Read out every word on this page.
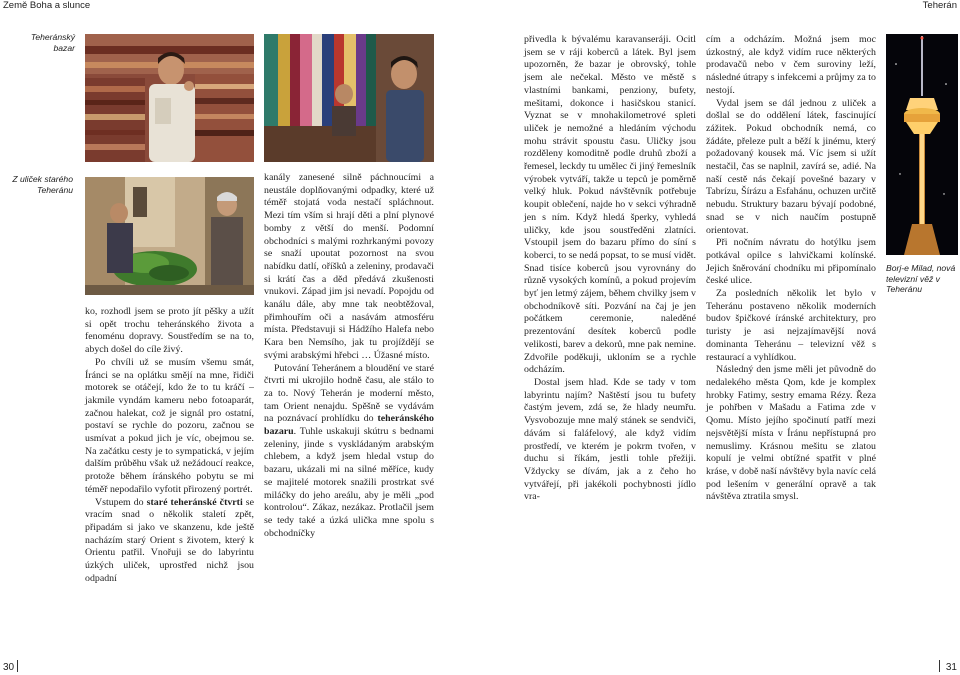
Země Boha a slunce	Teherán
Teheránský bazar
Z uliček starého Teheránu
Borj-e Milad, nová televizní věž v Teheránu

ko, rozhodl jsem se proto jít pěšky a užít si opět trochu teheránského života a fenoménu dopravy. Soustředím se na to, abych došel do cíle živý.

Po chvíli už se musím všemu smát, Íránci se na oplátku smějí na mne, řidiči motorek se otáčejí, kdo že to tu kráčí – jakmile vyndám kameru nebo fotoaparát, začnou halekat, což je signál pro ostatní, postaví se rychle do pozoru, začnou se usmívat a pokud jich je víc, obejmou se. Na začátku cesty je to sympatická, v jejím dalším průběhu však už nežádoucí reakce, protože během íránského pobytu se mi téměř nepodařilo vyfotit přirozený portrét.

Vstupem do staré teheránské čtvrti se vracím snad o několik staletí zpět, připadám si jako ve skanzenu, kde ještě nacházím starý Orient s životem, který k Orientu patřil. Vnořuji se do labyrintu úzkých uliček, uprostřed nichž jsou odpadní

kanály zanesené silně páchnoucími a neustále doplňovanými odpadky, které už téměř stojatá voda nestačí spláchnout. Mezi tím vším si hrají děti a plní plynové bomby z větší do menší. Podomní obchodníci s malými rozhrkanými povozy se snaží upoutat pozornost na svou nabídku datlí, oříšků a zeleniny, prodavači si krátí čas a děd předává zkušenosti vnukovi. Západ jim jsi nevadí. Popojdu od kanálu dále, aby mne tak neobtěžoval, přimhouřím oči a nasávám atmosféru místa. Představuji si Hádžího Halefa nebo Kara ben Nemsího, jak tu projíždějí se svými arabskými hřebci … Úžasné místo.

Putování Teheránem a bloudění ve staré čtvrti mi ukrojilo hodně času, ale stálo to za to. Nový Teherán je moderní město, tam Orient nenajdu. Spěšně se vydávám na poznávací prohlídku do teheránského bazaru. Tuhle uskakuji skútru s bednami zeleniny, jinde s vyskládaným arabským chlebem, a když jsem hledal vstup do bazaru, ukázali mi na silné měříce, kudy se majitelé motorek snažili prostrkat své miláčky do jeho areálu, aby je měli „pod kontrolou“. Zákaz, nezákaz. Protlačil jsem se tedy také a úzká ulička mne spolu s obchodníčky

přivedla k bývalému karavanseráji. Ocitl jsem se v ráji koberců a látek. Byl jsem upozorněn, že bazar je obrovský, tohle jsem ale nečekal. Město ve městě s vlastními bankami, penziony, bufety, mešitami, dokonce i hasičskou stanicí. Vyznat se v mnohakilometrové spleti uliček je nemožné a hledáním východu mohu strávit spoustu času. Uličky jsou rozděleny komoditně podle druhů zboží a řemesel, leckdy tu umělec či jiný řemeslník výrobek vytváří, takže u tepců je poměrně velký hluk. Pokud návštěvník potřebuje koupit oblečení, najde ho v sekci výhradně jen s ním. Když hledá šperky, vyhledá uličky, kde jsou soustředěni zlatníci. Vstoupil jsem do bazaru přímo do síní s koberci, to se nedá popsat, to se musí vidět. Snad tisíce koberců jsou vyrovnány do různě vysokých komínů, a pokud projevím byť jen letmý zájem, během chvilky jsem v obchodníkově síti. Pozvání na čaj je jen počátkem ceremonie, naleděné prezentování desítek koberců podle velikosti, barev a dekorů, mne pak nemine. Zdvořile poděkuji, ukloním se a rychle odcházím.

Dostal jsem hlad. Kde se tady v tom labyrintu najím? Naštěstí jsou tu bufety častým jevem, zdá se, že hlady neumřu. Vysvobozuje mne malý stánek se sendviči, dávám si faláfelový, ale když vidím prostředí, ve kterém je pokrm tvořen, v duchu si říkám, jestli tohle přežiji. Vždycky se dívám, jak a z čeho ho vytvářejí, při jakékoli pochybnosti jídlo vra-

cím a odcházím. Možná jsem moc úzkostný, ale když vidím ruce některých prodavačů nebo v čem suroviny leží, následné útrapy s infekcemi a průjmy za to nestojí.

Vydal jsem se dál jednou z uliček a došlal se do oddělení látek, fascinující zážitek. Pokud obchodník nemá, co žádáte, přeleze pult a běží k jinému, který požadovaný kousek má. Víc jsem si užít nestačil, čas se naplnil, zavírá se, adié. Na naší cestě nás čekají povešné bazary v Tabrízu, Šírázu a Esfahánu, ochuzen určitě nebudu. Struktury bazaru bývají podobné, snad se v nich naučím postupně orientovat.

Při nočním návratu do hotýlku jsem potkával opilce s lahvičkami kolínské. Jejich šněrování chodníku mi připomínalo české ulice.

Za posledních několik let bylo v Teheránu postaveno několik moderních budov špičkové íránské architektury, pro turisty je asi nejzajímavější nová dominanta Teheránu – televizní věž s restaurací a vyhlídkou.

Následný den jsme měli jet původně do nedalekého města Qom, kde je komplex hrobky Fatimy, sestry emama Rézy. Řeza je pohřben v Mašadu a Fatima zde v Qomu. Místo jejího spočinutí patří mezi nejsvětější místa v Íránu nepřístupná pro nemuslimy. Krásnou mešitu se zlatou kopulí je velmi obtížné spatřit v plné kráse, v době naší návštěvy byla navíc celá pod lešením v generální opravě a tak návštěva ztratila smysl.

30	31
